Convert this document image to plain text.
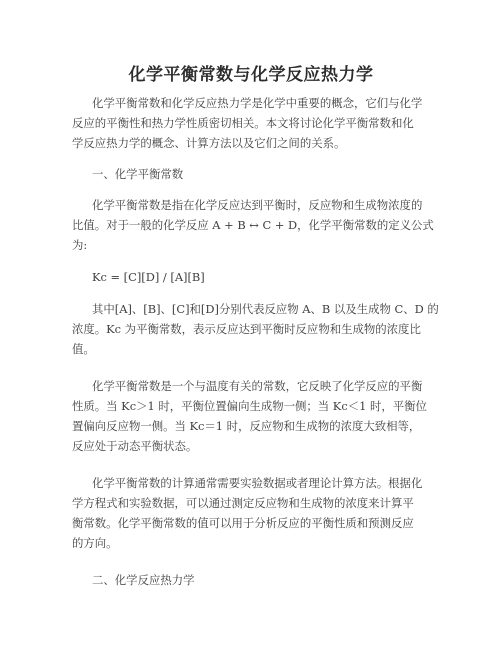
化学平衡常数与化学反应热力学

化学平衡常数和化学反应热力学是化学中重要的概念，它们与化学
反应的平衡性和热力学性质密切相关。本文将讨论化学平衡常数和化
学反应热力学的概念、计算方法以及它们之间的关系。

一、化学平衡常数

化学平衡常数是指在化学反应达到平衡时，反应物和生成物浓度的
比值。对于一般的化学反应 A + B ↔ C + D，化学平衡常数的定义公式
为:

Kc = [C][D] / [A][B]

其中[A]、[B]、[C]和[D]分别代表反应物 A、B 以及生成物 C、D 的
浓度。Kc 为平衡常数，表示反应达到平衡时反应物和生成物的浓度比
值。

化学平衡常数是一个与温度有关的常数，它反映了化学反应的平衡
性质。当 Kc＞1 时，平衡位置偏向生成物一侧；当 Kc＜1 时，平衡位
置偏向反应物一侧。当 Kc＝1 时，反应物和生成物的浓度大致相等，
反应处于动态平衡状态。

化学平衡常数的计算通常需要实验数据或者理论计算方法。根据化
学方程式和实验数据，可以通过测定反应物和生成物的浓度来计算平
衡常数。化学平衡常数的值可以用于分析反应的平衡性质和预测反应
的方向。

二、化学反应热力学
